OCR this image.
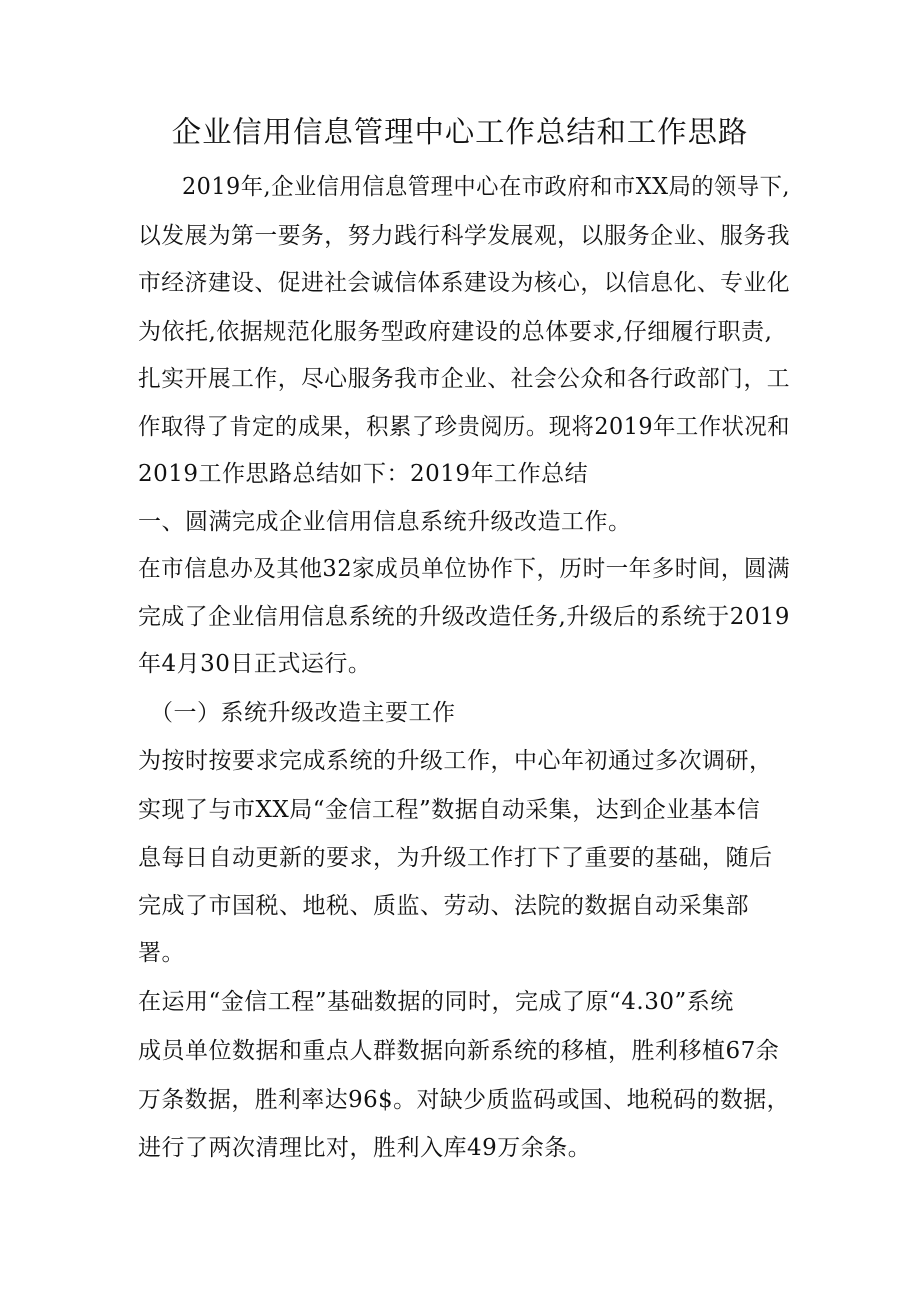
企业信用信息管理中心工作总结和工作思路
2019年,企业信用信息管理中心在市政府和市XX局的领导下,
以发展为第一要务，努力践行科学发展观，以服务企业、服务我
市经济建设、促进社会诚信体系建设为核心，以信息化、专业化
为依托,依据规范化服务型政府建设的总体要求,仔细履行职责,
扎实开展工作，尽心服务我市企业、社会公众和各行政部门，工
作取得了肯定的成果，积累了珍贵阅历。现将2019年工作状况和
2019工作思路总结如下：2019年工作总结
一、圆满完成企业信用信息系统升级改造工作。
在市信息办及其他32家成员单位协作下，历时一年多时间，圆满
完成了企业信用信息系统的升级改造任务,升级后的系统于2019
年4月30日正式运行。
（一）系统升级改造主要工作
为按时按要求完成系统的升级工作，中心年初通过多次调研，
实现了与市XX局“金信工程”数据自动采集，达到企业基本信
息每日自动更新的要求，为升级工作打下了重要的基础，随后
完成了市国税、地税、质监、劳动、法院的数据自动采集部
署。
在运用“金信工程”基础数据的同时，完成了原“4.30”系统
成员单位数据和重点人群数据向新系统的移植，胜利移植67余
万条数据，胜利率达96$。对缺少质监码或国、地税码的数据，
进行了两次清理比对，胜利入库49万余条。
